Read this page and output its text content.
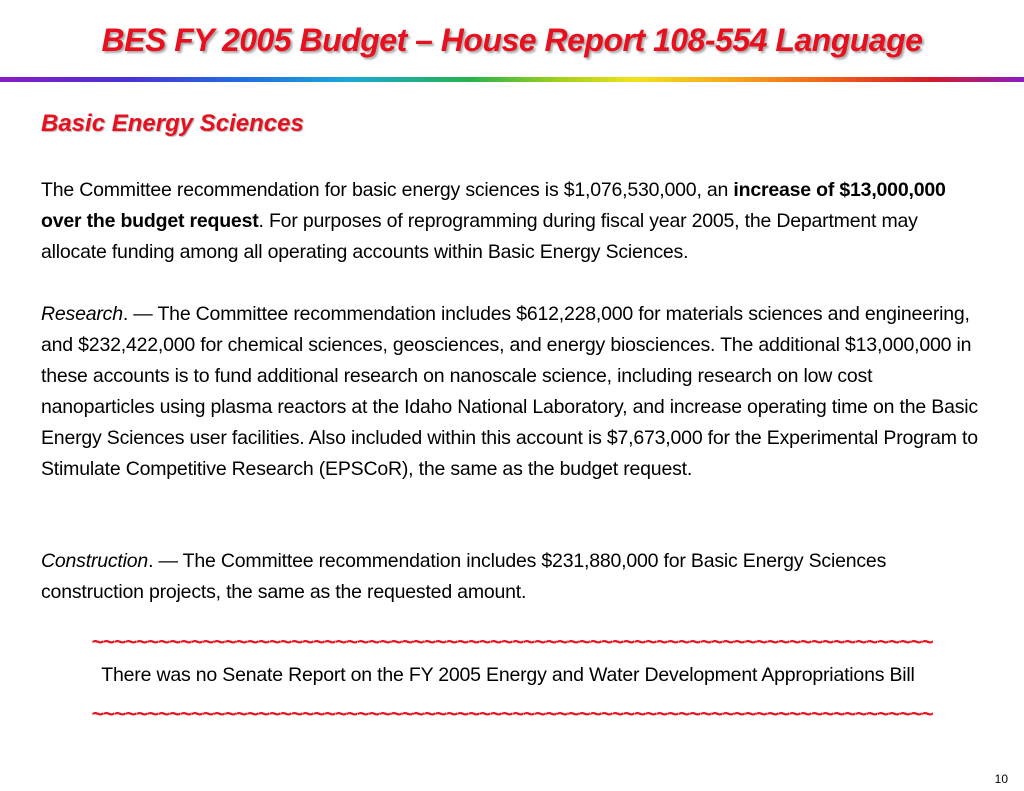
BES FY 2005 Budget – House Report 108-554 Language
Basic Energy Sciences
The Committee recommendation for basic energy sciences is $1,076,530,000, an increase of $13,000,000 over the budget request. For purposes of reprogramming during fiscal year 2005, the Department may allocate funding among all operating accounts within Basic Energy Sciences.
Research. — The Committee recommendation includes $612,228,000 for materials sciences and engineering, and $232,422,000 for chemical sciences, geosciences, and energy biosciences. The additional $13,000,000 in these accounts is to fund additional research on nanoscale science, including research on low cost nanoparticles using plasma reactors at the Idaho National Laboratory, and increase operating time on the Basic Energy Sciences user facilities. Also included within this account is $7,673,000 for the Experimental Program to Stimulate Competitive Research (EPSCoR), the same as the budget request.
Construction. — The Committee recommendation includes $231,880,000 for Basic Energy Sciences construction projects, the same as the requested amount.
~~~~~~~~~~~~~~~~~~~~~~~~~~~~~~~~~~~~~~~~~~~~~~~~~~~~~~~~~~~~~~~~~~~~~~~~~~~~
There was no Senate Report on the FY 2005 Energy and Water Development Appropriations Bill
~~~~~~~~~~~~~~~~~~~~~~~~~~~~~~~~~~~~~~~~~~~~~~~~~~~~~~~~~~~~~~~~~~~~~~~~~~~~
10
